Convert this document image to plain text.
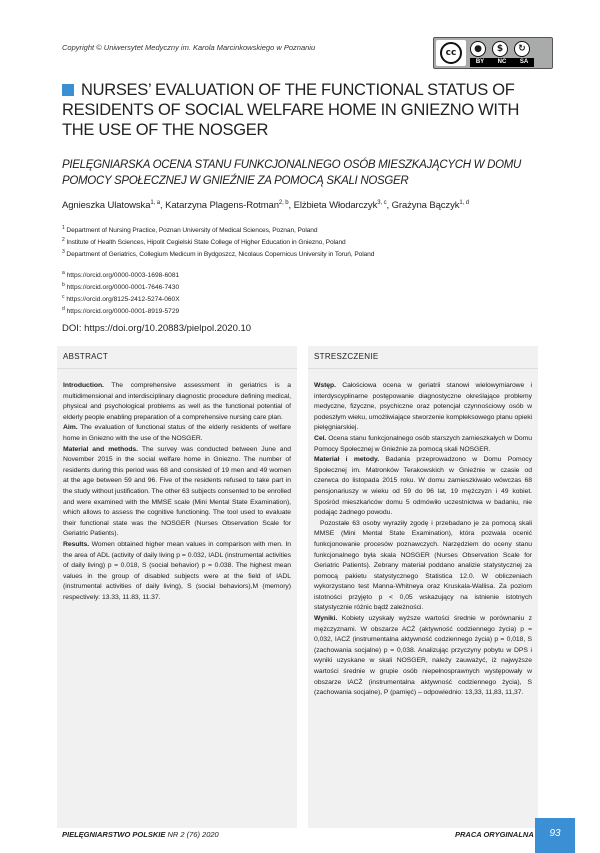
Copyright © Uniwersytet Medyczny im. Karola Marcinkowskiego w Poznaniu
cc	●	$	↻
BY	NC	SA
NURSES’ EVALUATION OF THE FUNCTIONAL STATUS OF RESIDENTS OF SOCIAL WELFARE HOME IN GNIEZNO WITH THE USE OF THE NOSGER
PIELĘGNIARSKA OCENA STANU FUNKCJONALNEGO OSÓB MIESZKAJĄCYCH W DOMU POMOCY SPOŁECZNEJ W GNIEŹNIE ZA POMOCĄ SKALI NOSGER
Agnieszka Ulatowska$^{1, a}$, Katarzyna Plagens-Rotman$^{2, b}$, Elżbieta Włodarczyk$^{3, c}$, Grażyna Bączyk$^{1, d}$
$^1$ Department of Nursing Practice, Poznan University of Medical Sciences, Poznan, Poland
$^2$ Institute of Health Sciences, Hipolit Cegielski State College of Higher Education in Gniezno, Poland
$^3$ Department of Geriatrics, Collegium Medicum in Bydgoszcz, Nicolaus Copernicus University in Toruń, Poland
$^a$ https://orcid.org/0000-0003-1698-6081
$^b$ https://orcid.org/0000-0001-7646-7430
$^c$ https://orcid.org/8125-2412-5274-060X
$^d$ https://orcid.org/0000-0001-8919-5729
DOI: https://doi.org/10.20883/pielpol.2020.10
ABSTRACT

Introduction. The comprehensive assessment in geriatrics is a multidimensional and interdisciplinary diagnostic procedure defining medical, physical and psychological problems as well as the functional potential of elderly people enabling preparation of a comprehensive nursing care plan.

Aim. The evaluation of functional status of the elderly residents of welfare home in Gniezno with the use of the NOSGER.

Material and methods. The survey was conducted between June and November 2015 in the social welfare home in Gniezno. The number of residents during this period was 68 and consisted of 19 men and 49 women at the age between 59 and 96. Five of the residents refused to take part in the study without justification. The other 63 subjects consented to be enrolled and were examined with the MMSE scale (Mini Mental State Examination), which allows to assess the cognitive functioning. The tool used to evaluate their functional state was the NOSGER (Nurses Observation Scale for Geriatric Patients).

Results. Women obtained higher mean values in comparison with men. In the area of ADL (activity of daily living p = 0.032, IADL (instrumental activities of daily living) p = 0.018, S (social behavior) p = 0.038. The highest mean values in the group of disabled subjects were at the field of IADL (instrumental activities of daily living), S (social behaviors),M (memory) respectively: 13.33, 11.83, 11.37.

STRESZCZENIE

Wstęp. Całościowa ocena w geriatrii stanowi wielowymiarowe i interdyscyplinarne postępowanie diagnostyczne określające problemy medyczne, fizyczne, psychiczne oraz potencjał czynnościowy osób w podeszłym wieku, umożliwiające stworzenie kompleksowego planu opieki pielęgniarskiej.

Cel. Ocena stanu funkcjonalnego osób starszych zamieszkałych w Domu Pomocy Społecznej w Gnieźnie za pomocą skali NOSGER.

Materiał i metody. Badania przeprowadzono w Domu Pomocy Społecznej im. Matronków Terakowskich w Gnieźnie w czasie od czerwca do listopada 2015 roku. W domu zamieszkiwało wówczas 68 pensjonariuszy w wieku od 59 do 96 lat, 19 mężczyzn i 49 kobiet. Spośród mieszkańców domu 5 odmówiło uczestnictwa w badaniu, nie podając żadnego powodu.

Pozostałe 63 osoby wyraziły zgodę i przebadano je za pomocą skali MMSE (Mini Mental State Examination), która pozwala ocenić funkcjonowanie procesów poznawczych. Narzędziem do oceny stanu funkcjonalnego była skala NOSGER (Nurses Observation Scale for Geriatric Patients). Zebrany materiał poddano analizie statystycznej za pomocą pakietu statystycznego Statistica 12.0. W obliczeniach wykorzystano test Manna-Whitneya oraz Kruskala-Wallisa. Za poziom istotności przyjęto p < 0,05 wskazujący na istnienie istotnych statystycznie różnic bądź zależności.

Wyniki. Kobiety uzyskały wyższe wartości średnie w porównaniu z mężczyznami. W obszarze ACŻ (aktywność codziennego życia) p = 0,032, IACŻ (instrumentalna aktywność codziennego życia) p = 0,018, S (zachowania socjalne) p = 0,038. Analizując przyczyny pobytu w DPS i wyniki uzyskane w skali NOSGER, należy zauważyć, iż najwyższe wartości średnie w grupie osób niepełnosprawnych występowały w obszarze IACŻ (instrumentalna aktywność codziennego życia), S (zachowania socjalne), P (pamięć) – odpowiednio: 13,33, 11,83, 11,37.

PIELĘGNIARSTWO POLSKIE NR 2 (76) 2020	PRACA ORYGINALNA	93
